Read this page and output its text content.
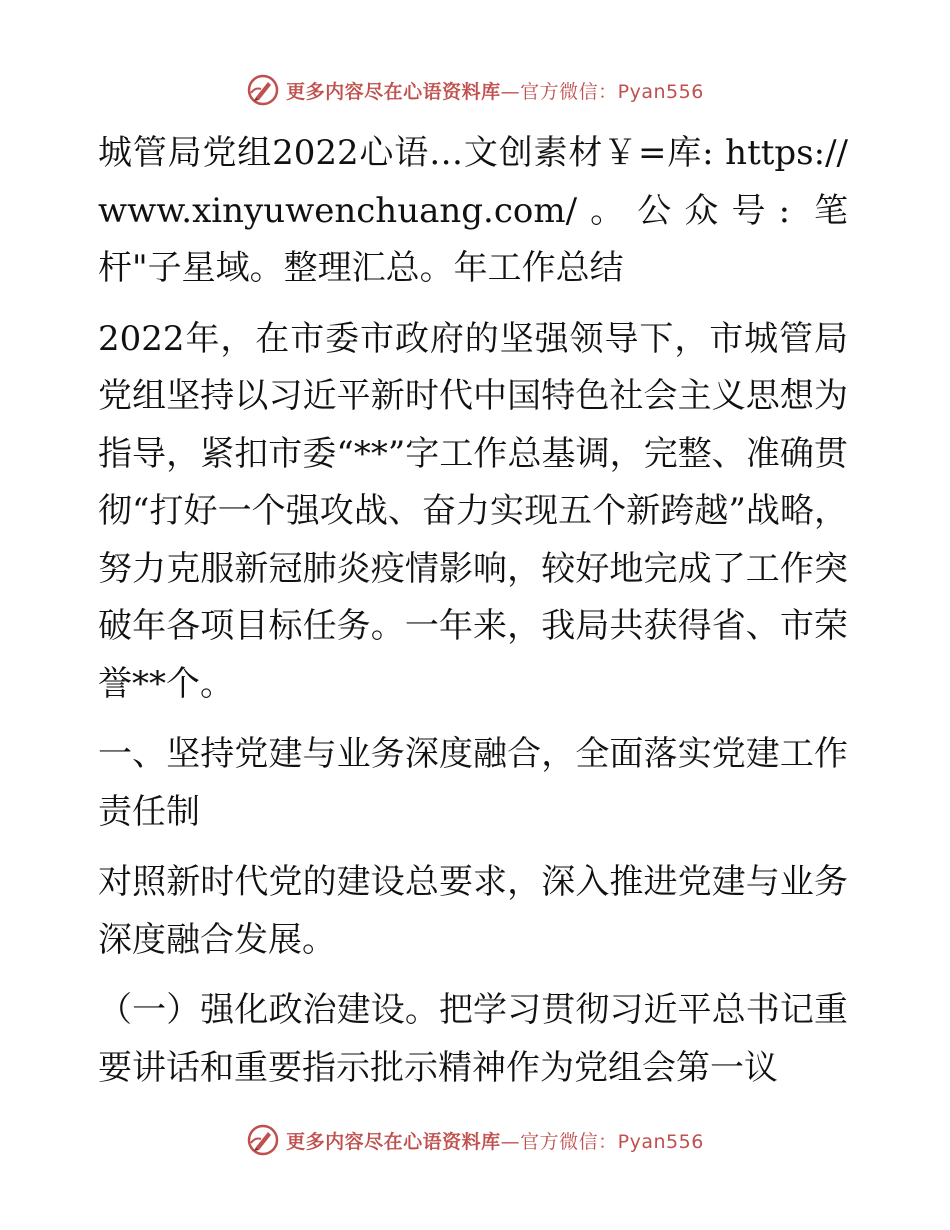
更多内容尽在心语资料库—官方微信：Pyan556

城管局党组2022心语…文创素材￥=库: https://www.xinyuwenchuang.com/。公众号: 笔杆"子星域。整理汇总。年工作总结

2022年，在市委市政府的坚强领导下，市城管局党组坚持以习近平新时代中国特色社会主义思想为指导，紧扣市委“**”字工作总基调，完整、准确贯彻“打好一个强攻战、奋力实现五个新跨越”战略，努力克服新冠肺炎疫情影响，较好地完成了工作突破年各项目标任务。一年来，我局共获得省、市荣誉**个。

一、坚持党建与业务深度融合，全面落实党建工作责任制

对照新时代党的建设总要求，深入推进党建与业务深度融合发展。

（一）强化政治建设。把学习贯彻习近平总书记重要讲话和重要指示批示精神作为党组会第一议

更多内容尽在心语资料库—官方微信：Pyan556
